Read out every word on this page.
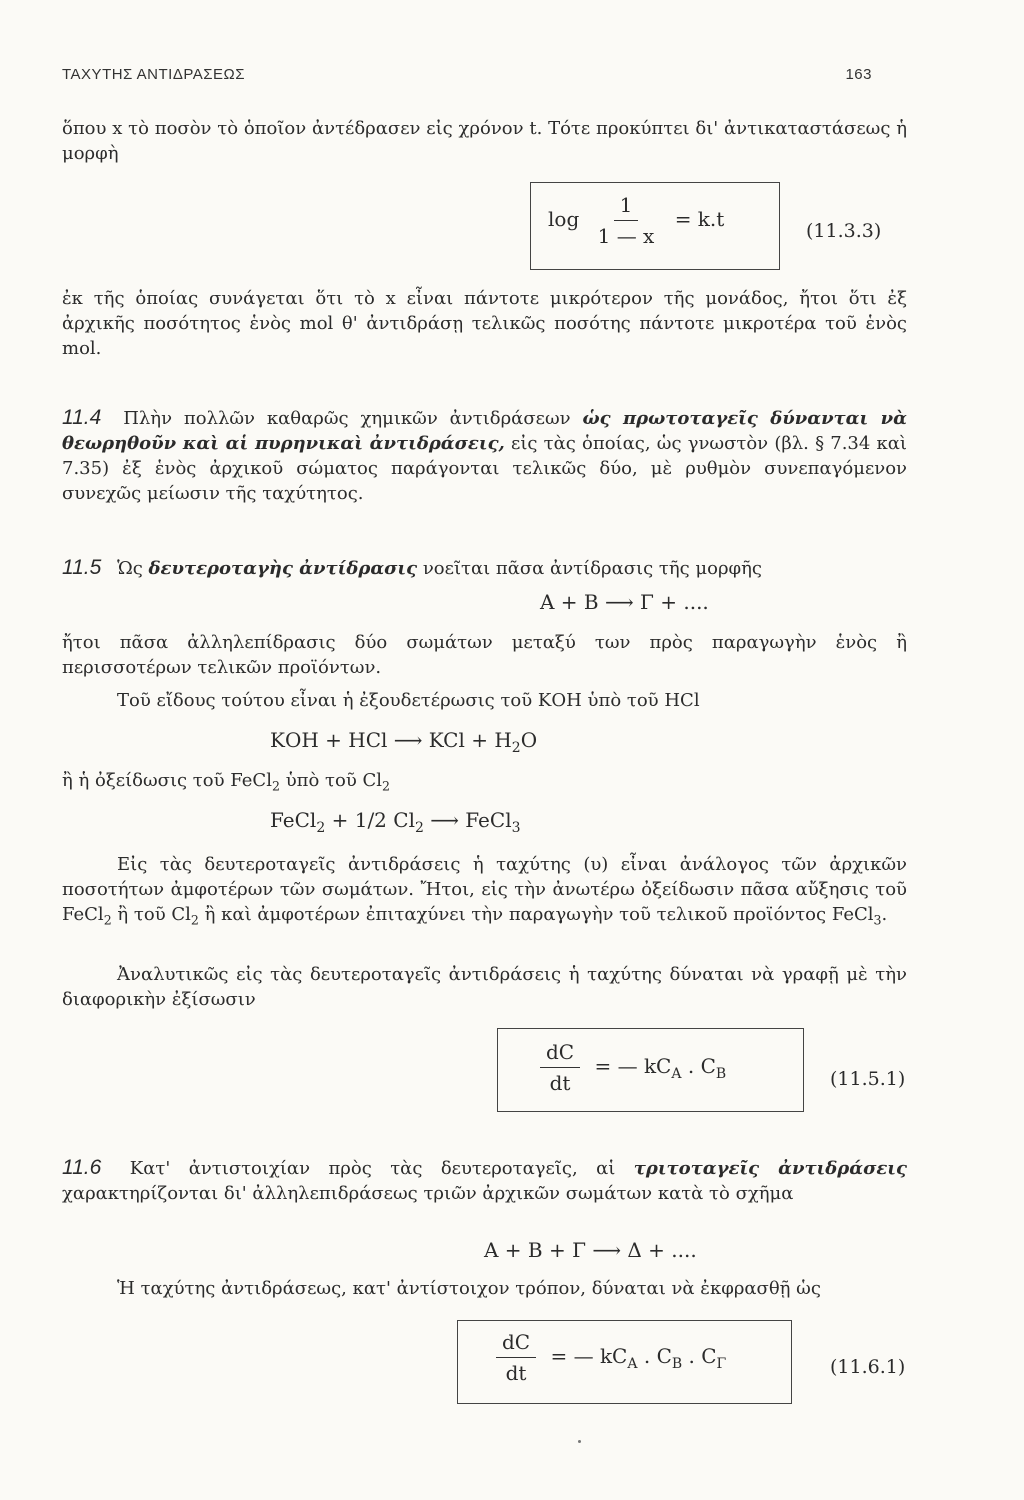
ΤΑΧΥΤΗΣ ΑΝΤΙΔΡΑΣΕΩΣ	163

ὅπου x τὸ ποσὸν τὸ ὁποῖον ἀντέδρασεν εἰς χρόνον t. Τότε προκύπτει δι' ἀντικαταστάσεως ἡ μορφὴ

$\log \frac{1}{1 — x} = k.t$	(11.3.3)

ἐκ τῆς ὁποίας συνάγεται ὅτι τὸ x εἶναι πάντοτε μικρότερον τῆς μονάδος, ἤτοι ὅτι ἐξ ἀρχικῆς ποσότητος ἑνὸς mol θ' ἀντιδράσῃ τελικῶς ποσότης πάντοτε μικροτέρα τοῦ ἑνὸς mol.

11.4 Πλὴν πολλῶν καθαρῶς χημικῶν ἀντιδράσεων ὡς πρωτοταγεῖς δύνανται νὰ θεωρηθοῦν καὶ αἱ πυρηνικαὶ ἀντιδράσεις, εἰς τὰς ὁποίας, ὡς γνωστὸν (βλ. § 7.34 καὶ 7.35) ἐξ ἑνὸς ἀρχικοῦ σώματος παράγονται τελικῶς δύο, μὲ ρυθμὸν συνεπαγόμενον συνεχῶς μείωσιν τῆς ταχύτητος.

11.5 Ὡς δευτεροταγὴς ἀντίδρασις νοεῖται πᾶσα ἀντίδρασις τῆς μορφῆς

Α + Β ⟶ Γ + ....

ἤτοι πᾶσα ἀλληλεπίδρασις δύο σωμάτων μεταξύ των πρὸς παραγωγὴν ἑνὸς ἢ περισσοτέρων τελικῶν προϊόντων.

Τοῦ εἴδους τούτου εἶναι ἡ ἐξουδετέρωσις τοῦ ΚΟΗ ὑπὸ τοῦ HCl

ΚΟΗ + HCl ⟶ KCl + $H_2O$

ἢ ἡ ὀξείδωσις τοῦ FeCl$_2$ ὑπὸ τοῦ $Cl_2$

FeCl$_2$ + 1/2 $Cl_2$ ⟶ FeCl$_3$

Εἰς τὰς δευτεροταγεῖς ἀντιδράσεις ἡ ταχύτης (υ) εἶναι ἀνάλογος τῶν ἀρχικῶν ποσοτήτων ἀμφοτέρων τῶν σωμάτων. Ἤτοι, εἰς τὴν ἀνωτέρω ὀξείδωσιν πᾶσα αὔξησις τοῦ FeCl$_2$ ἢ τοῦ $Cl_2$ ἢ καὶ ἀμφοτέρων ἐπιταχύνει τὴν παραγωγὴν τοῦ τελικοῦ προϊόντος FeCl$_3$.

Ἀναλυτικῶς εἰς τὰς δευτεροταγεῖς ἀντιδράσεις ἡ ταχύτης δύναται νὰ γραφῇ μὲ τὴν διαφορικὴν ἐξίσωσιν

$\frac{dC}{dt}$ = — $kC_A$ . $C_B$	(11.5.1)

11.6 Κατ' ἀντιστοιχίαν πρὸς τὰς δευτεροταγεῖς, αἱ τριτοταγεῖς ἀντιδράσεις χαρακτηρίζονται δι' ἀλληλεπιδράσεως τριῶν ἀρχικῶν σωμάτων κατὰ τὸ σχῆμα

Α + Β + Γ ⟶ Δ + ....

Ἡ ταχύτης ἀντιδράσεως, κατ' ἀντίστοιχον τρόπον, δύναται νὰ ἐκφρασθῇ ὡς

$\frac{dC}{dt}$ = — $kC_A$ . $C_B$ . $C_\Gamma$	(11.6.1)
